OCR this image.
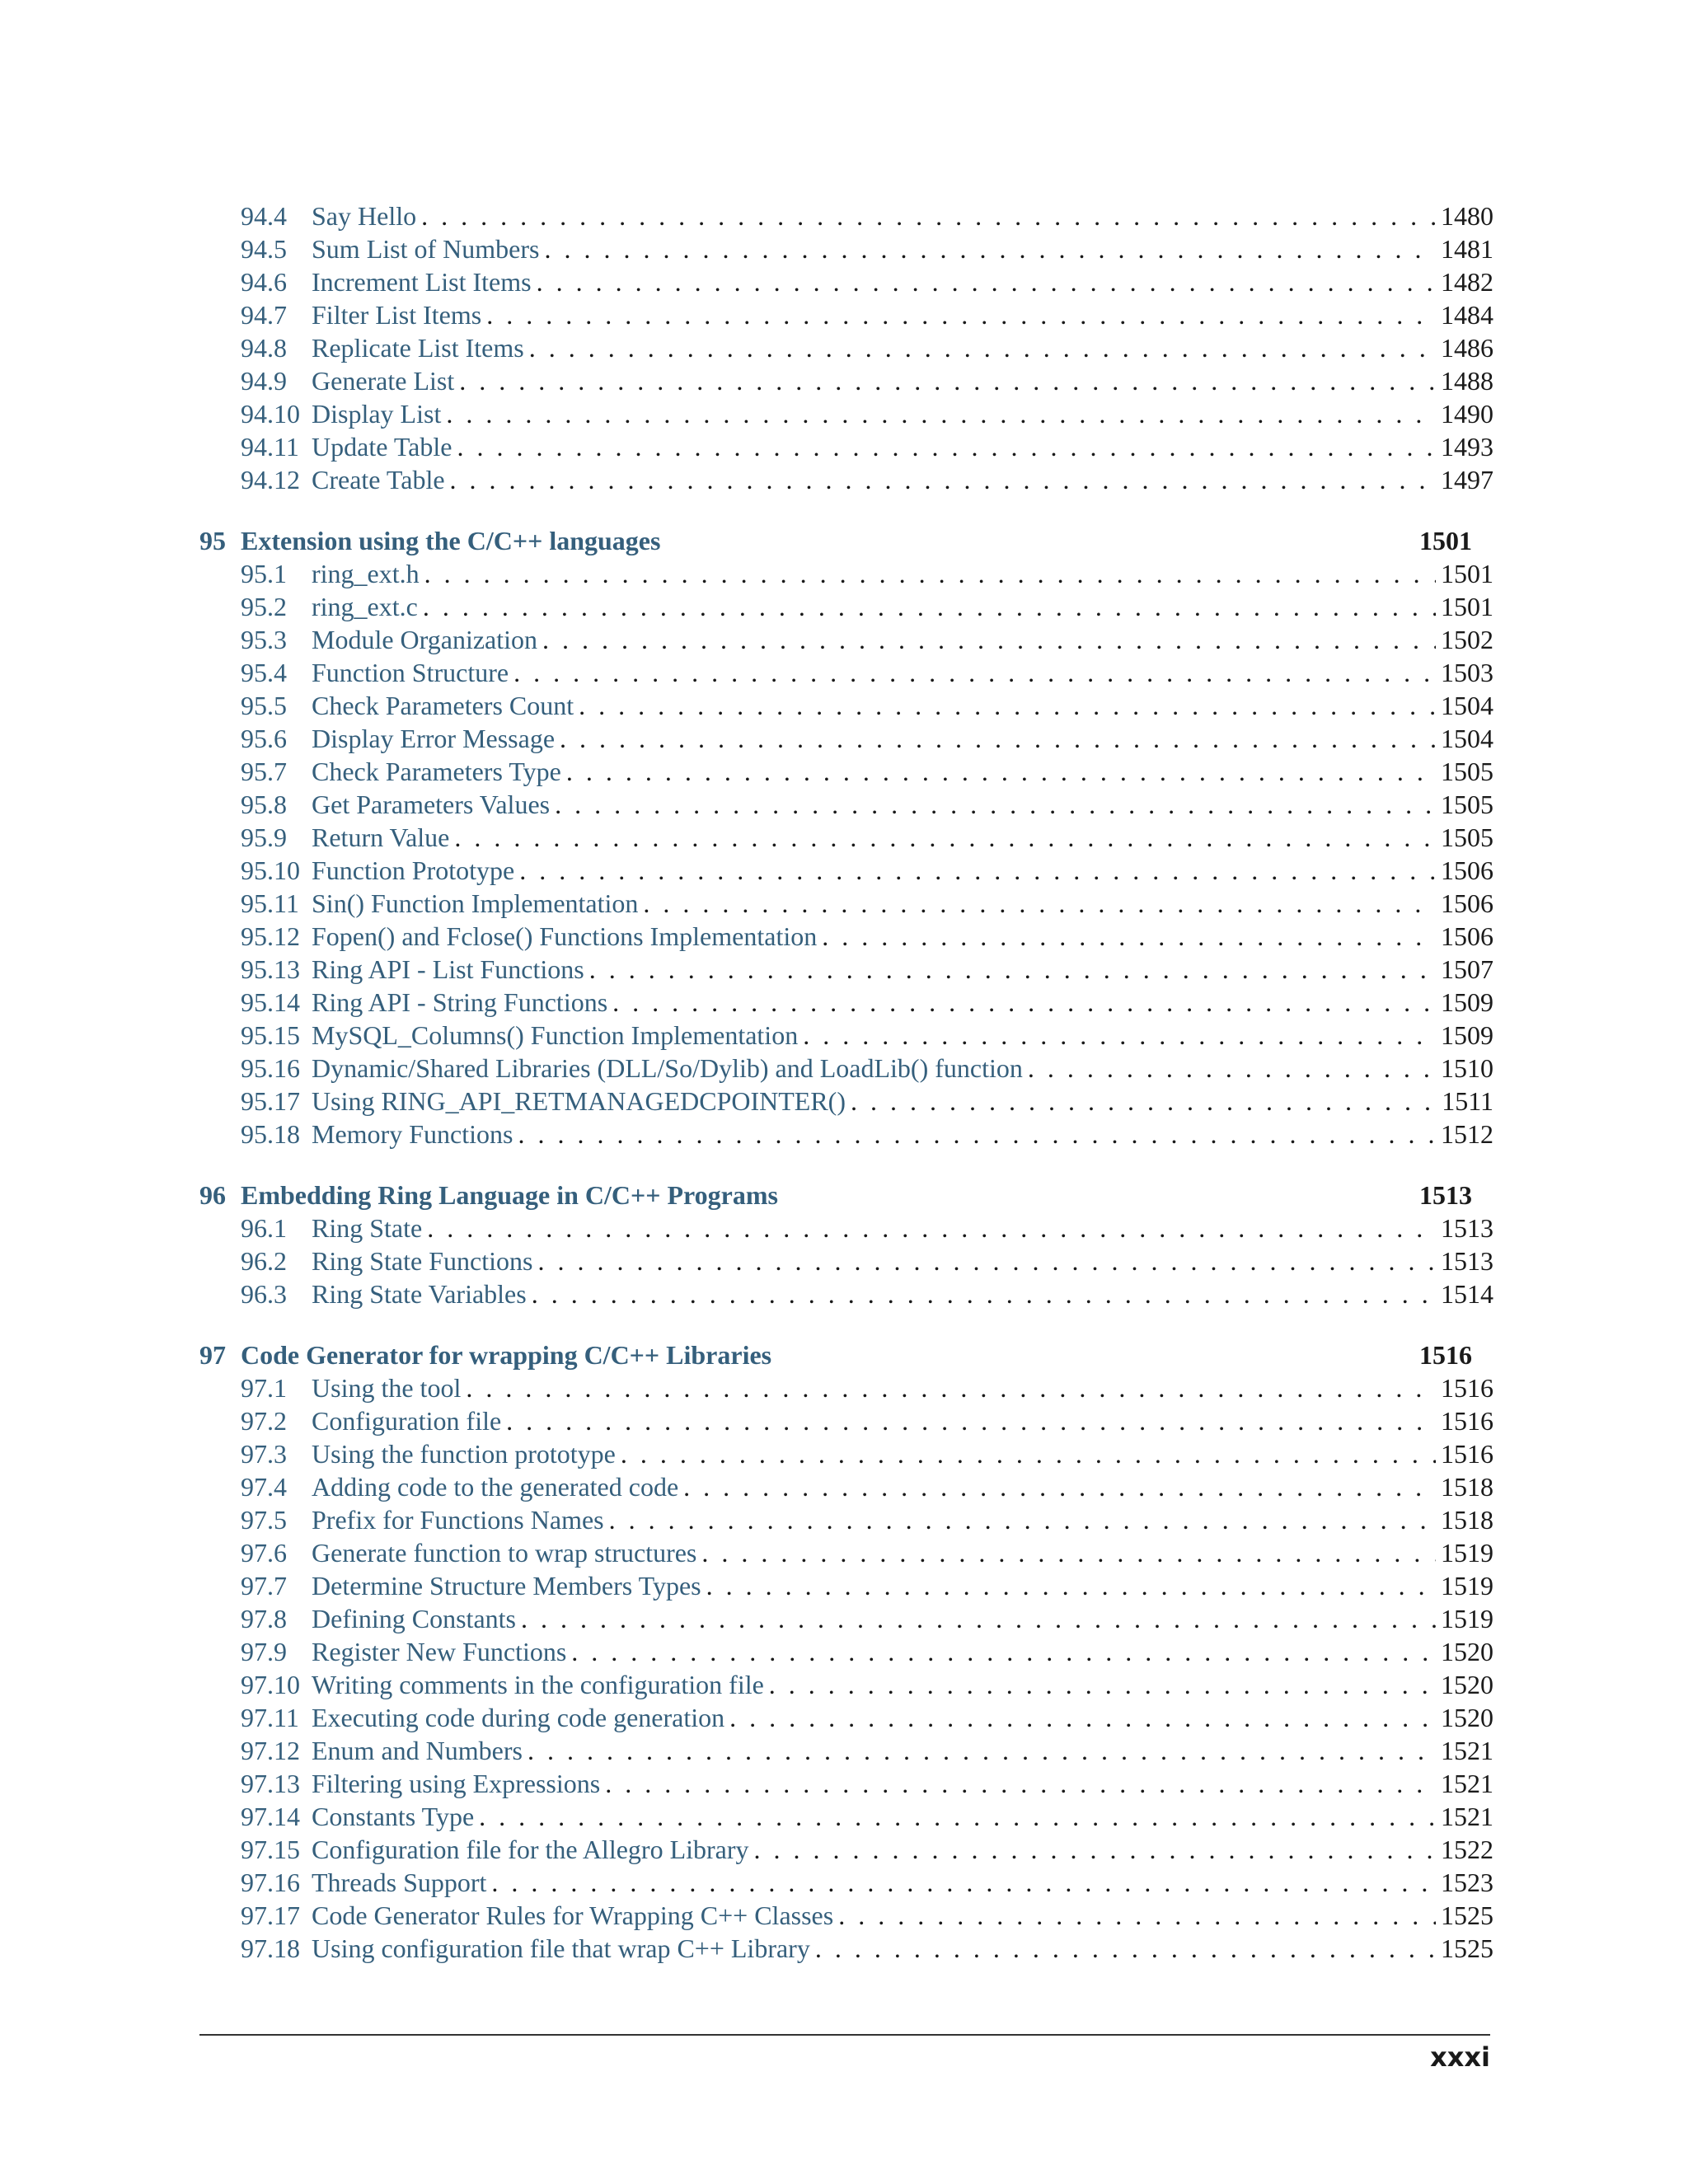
94.4 Say Hello . . .	1480
94.5 Sum List of Numbers . . .	1481
94.6 Increment List Items . . .	1482
94.7 Filter List Items . . .	1484
94.8 Replicate List Items . . .	1486
94.9 Generate List . . .	1488
94.10 Display List . . .	1490
94.11 Update Table . . .	1493
94.12 Create Table . . .	1497
95 Extension using the C/C++ languages	1501
95.1 ring_ext.h . . .	1501
95.2 ring_ext.c . . .	1501
95.3 Module Organization . . .	1502
95.4 Function Structure . . .	1503
95.5 Check Parameters Count . . .	1504
95.6 Display Error Message . . .	1504
95.7 Check Parameters Type . . .	1505
95.8 Get Parameters Values . . .	1505
95.9 Return Value . . .	1505
95.10 Function Prototype . . .	1506
95.11 Sin() Function Implementation . . .	1506
95.12 Fopen() and Fclose() Functions Implementation . . .	1506
95.13 Ring API - List Functions . . .	1507
95.14 Ring API - String Functions . . .	1509
95.15 MySQL_Columns() Function Implementation . . .	1509
95.16 Dynamic/Shared Libraries (DLL/So/Dylib) and LoadLib() function . . .	1510
95.17 Using RING_API_RETMANAGEDCPOINTER() . . .	1511
95.18 Memory Functions . . .	1512
96 Embedding Ring Language in C/C++ Programs	1513
96.1 Ring State . . .	1513
96.2 Ring State Functions . . .	1513
96.3 Ring State Variables . . .	1514
97 Code Generator for wrapping C/C++ Libraries	1516
97.1 Using the tool . . .	1516
97.2 Configuration file . . .	1516
97.3 Using the function prototype . . .	1516
97.4 Adding code to the generated code . . .	1518
97.5 Prefix for Functions Names . . .	1518
97.6 Generate function to wrap structures . . .	1519
97.7 Determine Structure Members Types . . .	1519
97.8 Defining Constants . . .	1519
97.9 Register New Functions . . .	1520
97.10 Writing comments in the configuration file . . .	1520
97.11 Executing code during code generation . . .	1520
97.12 Enum and Numbers . . .	1521
97.13 Filtering using Expressions . . .	1521
97.14 Constants Type . . .	1521
97.15 Configuration file for the Allegro Library . . .	1522
97.16 Threads Support . . .	1523
97.17 Code Generator Rules for Wrapping C++ Classes . . .	1525
97.18 Using configuration file that wrap C++ Library . . .	1525
xxxi
